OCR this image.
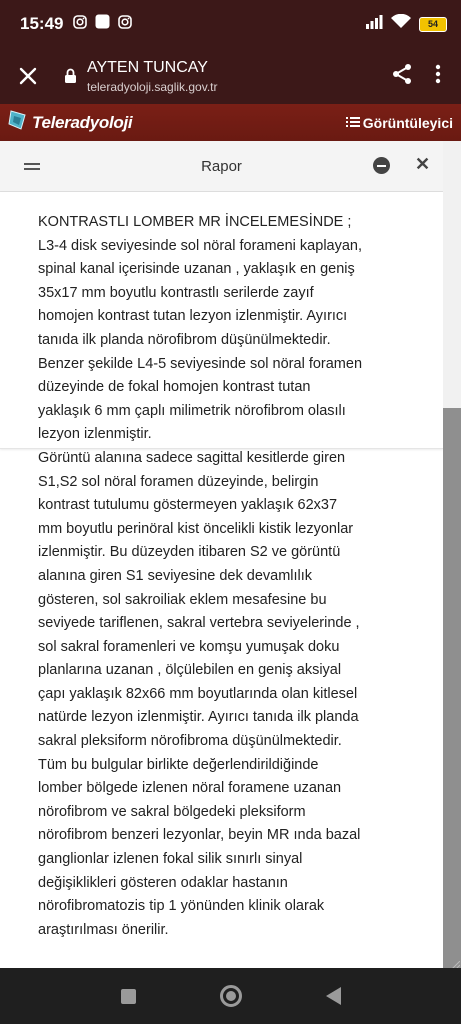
15:49	54
AYTEN TUNCAY
teleradyoloji.saglik.gov.tr
Teleradyoloji	Görüntüleyici
Rapor	✕
KONTRASTLI LOMBER MR İNCELEMESİNDE ;
L3-4 disk seviyesinde sol nöral forameni kaplayan,
spinal kanal içerisinde uzanan , yaklaşık en geniş
35x17 mm boyutlu kontrastlı serilerde zayıf
homojen kontrast tutan lezyon izlenmiştir. Ayırıcı
tanıda ilk planda nörofibrom düşünülmektedir.
Benzer şekilde L4-5 seviyesinde sol nöral foramen
düzeyinde de fokal homojen kontrast tutan
yaklaşık 6 mm çaplı milimetrik nörofibrom olasılı
lezyon izlenmiştir.
Görüntü alanına sadece sagittal kesitlerde giren
S1,S2 sol nöral foramen düzeyinde, belirgin
kontrast tutulumu göstermeyen yaklaşık 62x37
mm boyutlu perinöral kist öncelikli kistik lezyonlar
izlenmiştir. Bu düzeyden itibaren S2 ve görüntü
alanına giren S1 seviyesine dek devamlılık
gösteren, sol sakroiliak eklem mesafesine bu
seviyede tariflenen, sakral vertebra seviyelerinde ,
sol sakral foramenleri ve komşu yumuşak doku
planlarına uzanan , ölçülebilen en geniş aksiyal
çapı yaklaşık 82x66 mm boyutlarında olan kitlesel
natürde lezyon izlenmiştir. Ayırıcı tanıda ilk planda
sakral pleksiform nörofibroma düşünülmektedir.
Tüm bu bulgular birlikte değerlendirildiğinde
lomber bölgede izlenen nöral foramene uzanan
nörofibrom ve sakral bölgedeki pleksiform
nörofibrom benzeri lezyonlar, beyin MR ında bazal
ganglionlar izlenen fokal silik sınırlı sinyal
değişiklikleri gösteren odaklar hastanın
nörofibromatozis tip 1 yönünden klinik olarak
araştırılması önerilir.
